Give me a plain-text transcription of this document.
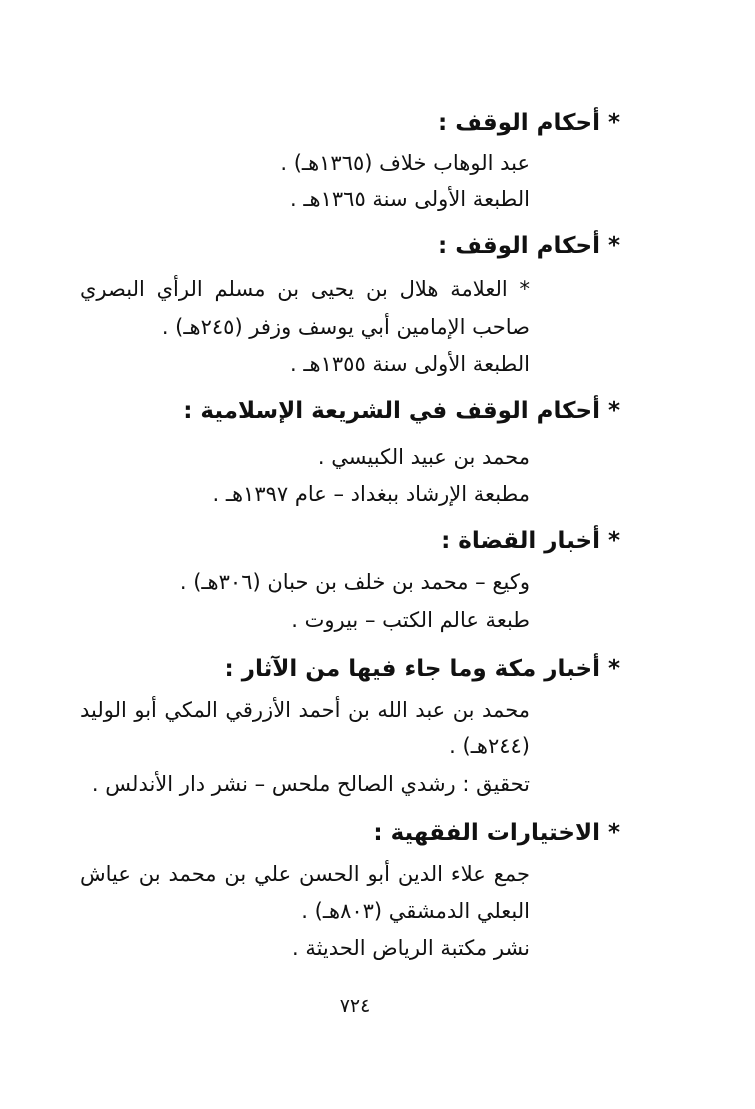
* أحكام الوقف :
عبد الوهاب خلاف (١٣٦٥هـ) .
الطبعة الأولى سنة ١٣٦٥هـ .
* أحكام الوقف :
* العلامة هلال بن يحيى بن مسلم الرأي البصري
صاحب الإمامين أبي يوسف وزفر (٢٤٥هـ) .
الطبعة الأولى سنة ١٣٥٥هـ .
* أحكام الوقف في الشريعة الإسلامية :
محمد بن عبيد الكبيسي .
مطبعة الإرشاد ببغداد – عام ١٣٩٧هـ .
* أخبار القضاة :
وكيع – محمد بن خلف بن حبان (٣٠٦هـ) .
طبعة عالم الكتب – بيروت .
* أخبار مكة وما جاء فيها من الآثار :
محمد بن عبد الله بن أحمد الأزرقي المكي أبو الوليد
(٢٤٤هـ) .
تحقيق : رشدي الصالح ملحس – نشر دار الأندلس .
* الاختيارات الفقهية :
جمع علاء الدين أبو الحسن علي بن محمد بن عياش
البعلي الدمشقي (٨٠٣هـ) .
نشر مكتبة الرياض الحديثة .
٧٢٤
